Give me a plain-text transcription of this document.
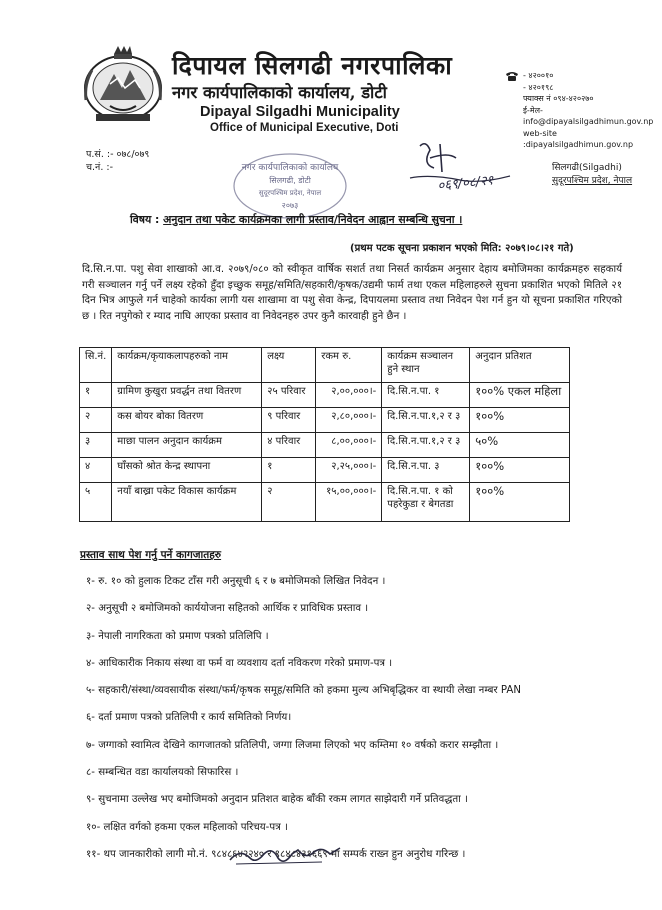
दिपायल सिलगढी नगरपालिका
नगर कार्यपालिकाको कार्यालय, डोटी
Dipayal Silgadhi Municipality
Office of Municipal Executive, Doti
- ४२००१०
- ४२०१९८
फ्याक्स नं ०९४-४२०२७०
ई-मेल-info@dipayalsilgadhimun.gov.np
web-site :dipayalsilgadhimun.gov.np
प.सं. :- ०७८/०७९
च.नं. :-	नगर कार्यपालिकाको कार्यालय
सिलगढी, डोटी
सुदूरपश्चिम प्रदेश, नेपाल
२०७३
०६९/०८/२१
सिलगढी(Silgadhi)
सुदूरपश्चिम प्रदेश, नेपाल
विषय : अनुदान तथा पकेट कार्यक्रमका लागी प्रस्ताव/निवेदन आह्वान सम्बन्धि सुचना ।
(प्रथम पटक सूचना प्रकाशन भएको मिति: २०७९।०८।२१ गते)
दि.सि.न.पा. पशु सेवा शाखाको आ.व. २०७९/०८० को स्वीकृत वार्षिक सशर्त तथा निसर्त कार्यक्रम अनुसार देहाय बमोजिमका कार्यक्रमहरु सहकार्य गरी सञ्चालन गर्नु पर्ने लक्ष्य रहेको हुँदा इच्छुक समूह/समिति/सहकारी/कृषक/उद्यमी फार्म तथा एकल महिलाहरुले सुचना प्रकाशित भएको मितिले २१ दिन भित्र आफुले गर्न चाहेको कार्यका लागी यस शाखामा वा पशु सेवा केन्द्र, दिपायलमा प्रस्ताव तथा निवेदन पेश गर्न हुन यो सूचना प्रकाशित गरिएको छ । रित नपुगेको र म्याद नाघि आएका प्रस्ताव वा निवेदनहरु उपर कुनै कारवाही हुने छैन ।
सि.नं.	कार्यक्रम/कृयाकलापहरुको नाम	लक्ष्य	रकम रु.	कार्यक्रम सञ्चालन हुने स्थान	अनुदान प्रतिशत
१	ग्रामिण कुखुरा प्रवर्द्धन तथा वितरण	२५ परिवार	२,००,०००।-	दि.सि.न.पा. १	१००% एकल महिला
२	कस बोयर बोका वितरण	९ परिवार	२,८०,०००।-	दि.सि.न.पा.१,२ र ३	१००%
३	माछा पालन अनुदान कार्यक्रम	४ परिवार	८,००,०००।-	दि.सि.न.पा.१,२ र ३	५०%
४	घाँसको श्रोत केन्द्र स्थापना	१	२,२५,०००।-	दि.सि.न.पा. ३	१००%
५	नयाँ बाख्रा पकेट विकास कार्यक्रम	२	१५,००,०००।-	दि.सि.न.पा. १ को पहरेकुडा र बेगतडा	१००%
प्रस्ताव साथ पेश गर्नु पर्ने कागजातहरु
१- रु. १० को हुलाक टिकट टाँस गरी अनुसूची ६ र ७ बमोजिमको लिखित निवेदन ।
२- अनुसूची २ बमोजिमको कार्ययोजना सहितको आर्थिक र प्राविधिक प्रस्ताव ।
३- नेपाली नागरिकता को प्रमाण पत्रको प्रतिलिपि ।
४- आधिकारीक निकाय संस्था वा फर्म वा व्यवशाय दर्ता नविकरण गरेको प्रमाण-पत्र ।
५- सहकारी/संस्था/व्यवसायीक संस्था/फर्म/कृषक समूह/समिति को हकमा मुल्य अभिबृद्धिकर वा स्थायी लेखा नम्बर PAN
६- दर्ता प्रमाण पत्रको प्रतिलिपी र कार्य समितिको निर्णय।
७- जग्गाको स्वामित्व देखिने कागजातको प्रतिलिपी, जग्गा लिजमा लिएको भए कम्तिमा १० वर्षको करार सम्झौता ।
८- सम्बन्धित वडा कार्यालयको सिफारिस ।
९- सुचनामा उल्लेख भए बमोजिमको अनुदान प्रतिशत बाहेक बाँकी रकम लागत साझेदारी गर्ने प्रतिवद्धता ।
१०- लक्षित वर्गको हकमा एकल महिलाको परिचय-पत्र ।
११- थप जानकारीको लागी मो.नं. ९८४८६४२२४० र ९८४८४३१६६९ मा सम्पर्क राख्न हुन अनुरोध गरिन्छ ।
